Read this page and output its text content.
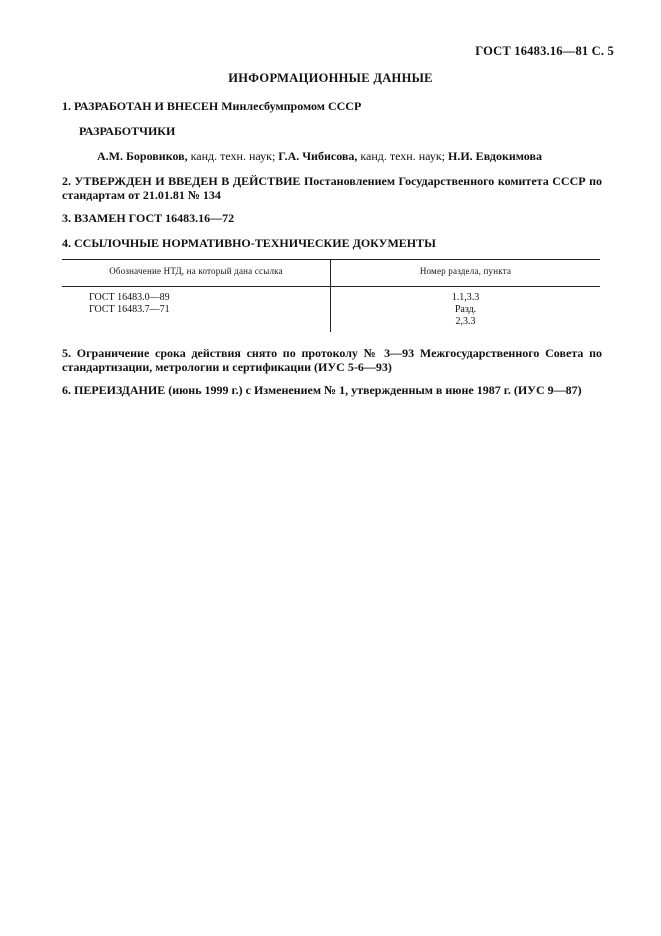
ГОСТ 16483.16—81 С. 5
ИНФОРМАЦИОННЫЕ ДАННЫЕ
1. РАЗРАБОТАН И ВНЕСЕН Минлесбумпромом СССР
РАЗРАБОТЧИКИ
А.М. Боровиков, канд. техн. наук; Г.А. Чибисова, канд. техн. наук; Н.И. Евдокимова
2. УТВЕРЖДЕН И ВВЕДЕН В ДЕЙСТВИЕ Постановлением Государственного комитета СССР по стандартам от 21.01.81 № 134
3. ВЗАМЕН ГОСТ 16483.16—72
4. ССЫЛОЧНЫЕ НОРМАТИВНО-ТЕХНИЧЕСКИЕ ДОКУМЕНТЫ
Обозначение НТД, на который дана ссылка	Номер раздела, пункта
ГОСТ 16483.0—89
ГОСТ 16483.7—71
1.1,3.3
Разд.
2,3.3
5. Ограничение срока действия снято по протоколу № 3—93 Межгосударственного Совета по стандартизации, метрологии и сертификации (ИУС 5-6—93)
6. ПЕРЕИЗДАНИЕ (июнь 1999 г.) с Изменением № 1, утвержденным в июне 1987 г. (ИУС 9—87)
